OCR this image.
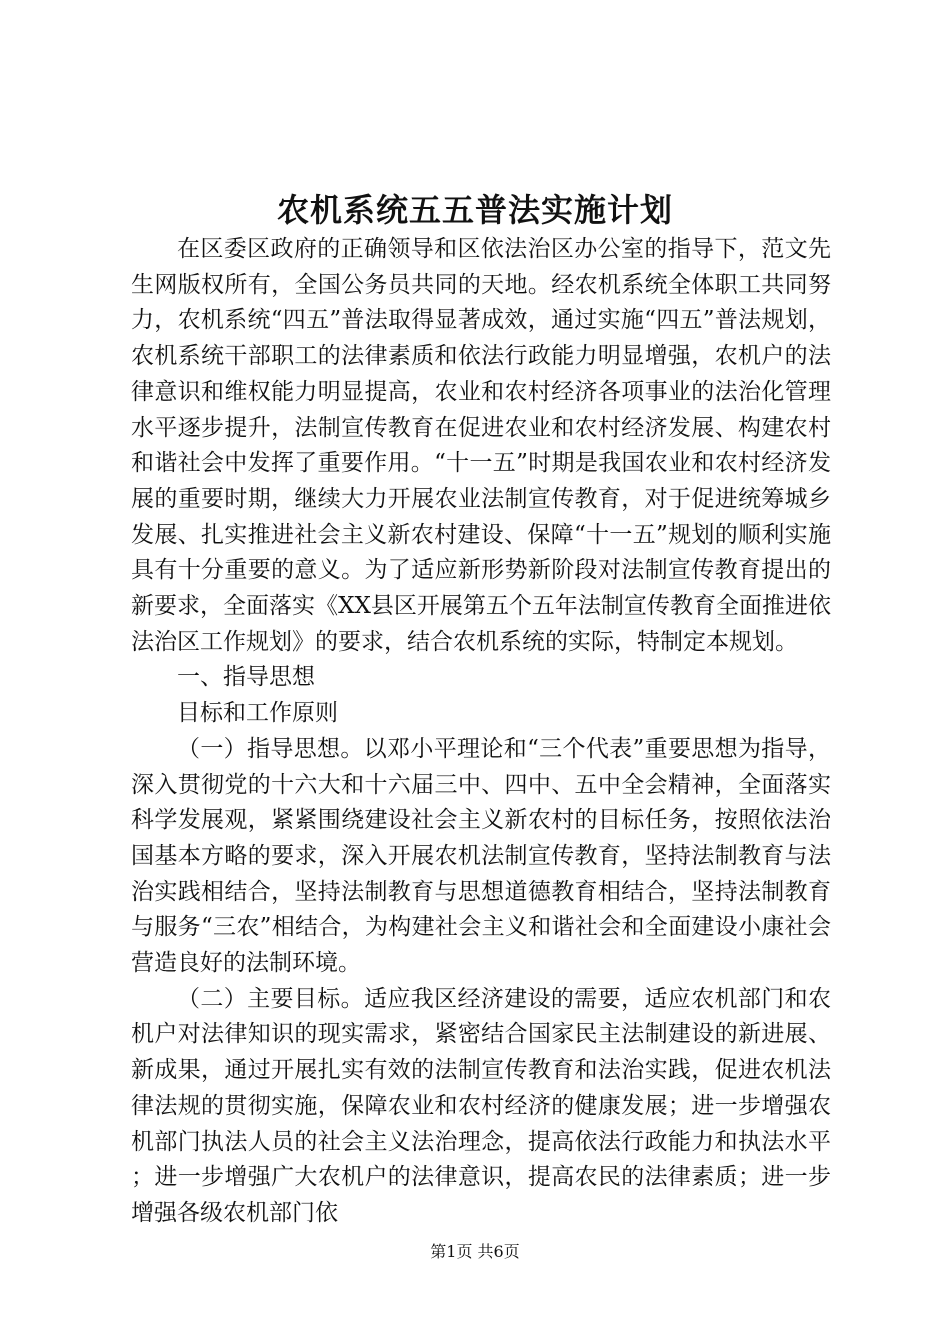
农机系统五五普法实施计划

在区委区政府的正确领导和区依法治区办公室的指导下，范文先生网版权所有，全国公务员共同的天地。经农机系统全体职工共同努力，农机系统“四五”普法取得显著成效，通过实施“四五”普法规划，农机系统干部职工的法律素质和依法行政能力明显增强，农机户的法律意识和维权能力明显提高，农业和农村经济各项事业的法治化管理水平逐步提升，法制宣传教育在促进农业和农村经济发展、构建农村和谐社会中发挥了重要作用。“十一五”时期是我国农业和农村经济发展的重要时期，继续大力开展农业法制宣传教育，对于促进统筹城乡发展、扎实推进社会主义新农村建设、保障“十一五”规划的顺利实施具有十分重要的意义。为了适应新形势新阶段对法制宣传教育提出的新要求，全面落实《XX县区开展第五个五年法制宣传教育全面推进依法治区工作规划》的要求，结合农机系统的实际，特制定本规划。

一、指导思想

目标和工作原则

（一）指导思想。以邓小平理论和“三个代表”重要思想为指导，深入贯彻党的十六大和十六届三中、四中、五中全会精神，全面落实科学发展观，紧紧围绕建设社会主义新农村的目标任务，按照依法治国基本方略的要求，深入开展农机法制宣传教育，坚持法制教育与法治实践相结合，坚持法制教育与思想道德教育相结合，坚持法制教育与服务“三农”相结合，为构建社会主义和谐社会和全面建设小康社会营造良好的法制环境。

（二）主要目标。适应我区经济建设的需要，适应农机部门和农机户对法律知识的现实需求，紧密结合国家民主法制建设的新进展、新成果，通过开展扎实有效的法制宣传教育和法治实践，促进农机法律法规的贯彻实施，保障农业和农村经济的健康发展；进一步增强农机部门执法人员的社会主义法治理念，提高依法行政能力和执法水平；进一步增强广大农机户的法律意识，提高农民的法律素质；进一步增强各级农机部门依

第1页 共6页
